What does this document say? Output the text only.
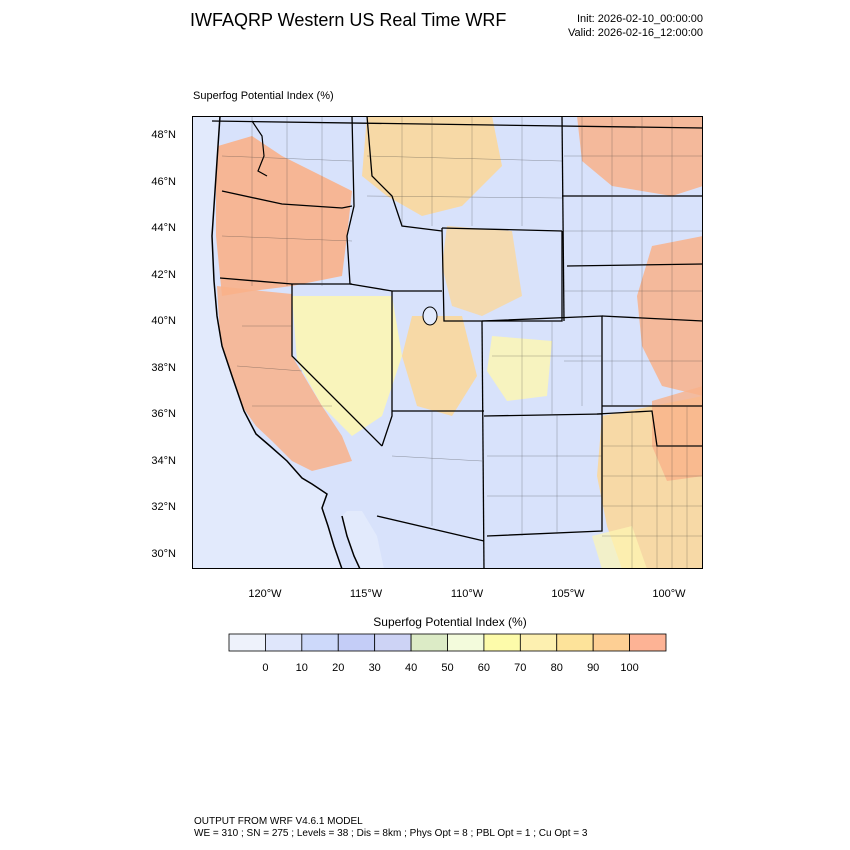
IWFAQRP Western US Real Time WRF	Init: 2026-02-10_00:00:00
Valid: 2026-02-16_12:00:00
Superfog Potential Index (%)
48°N
46°N
44°N
42°N
40°N
38°N
36°N
34°N
32°N
30°N
120°W	115°W	110°W	105°W	100°W
Superfog Potential Index (%)
0	10	20	30	40	50	60	70	80	90	100
OUTPUT FROM WRF V4.6.1 MODEL
WE = 310 ; SN = 275 ; Levels = 38 ; Dis = 8km ; Phys Opt = 8 ; PBL Opt = 1 ; Cu Opt = 3
